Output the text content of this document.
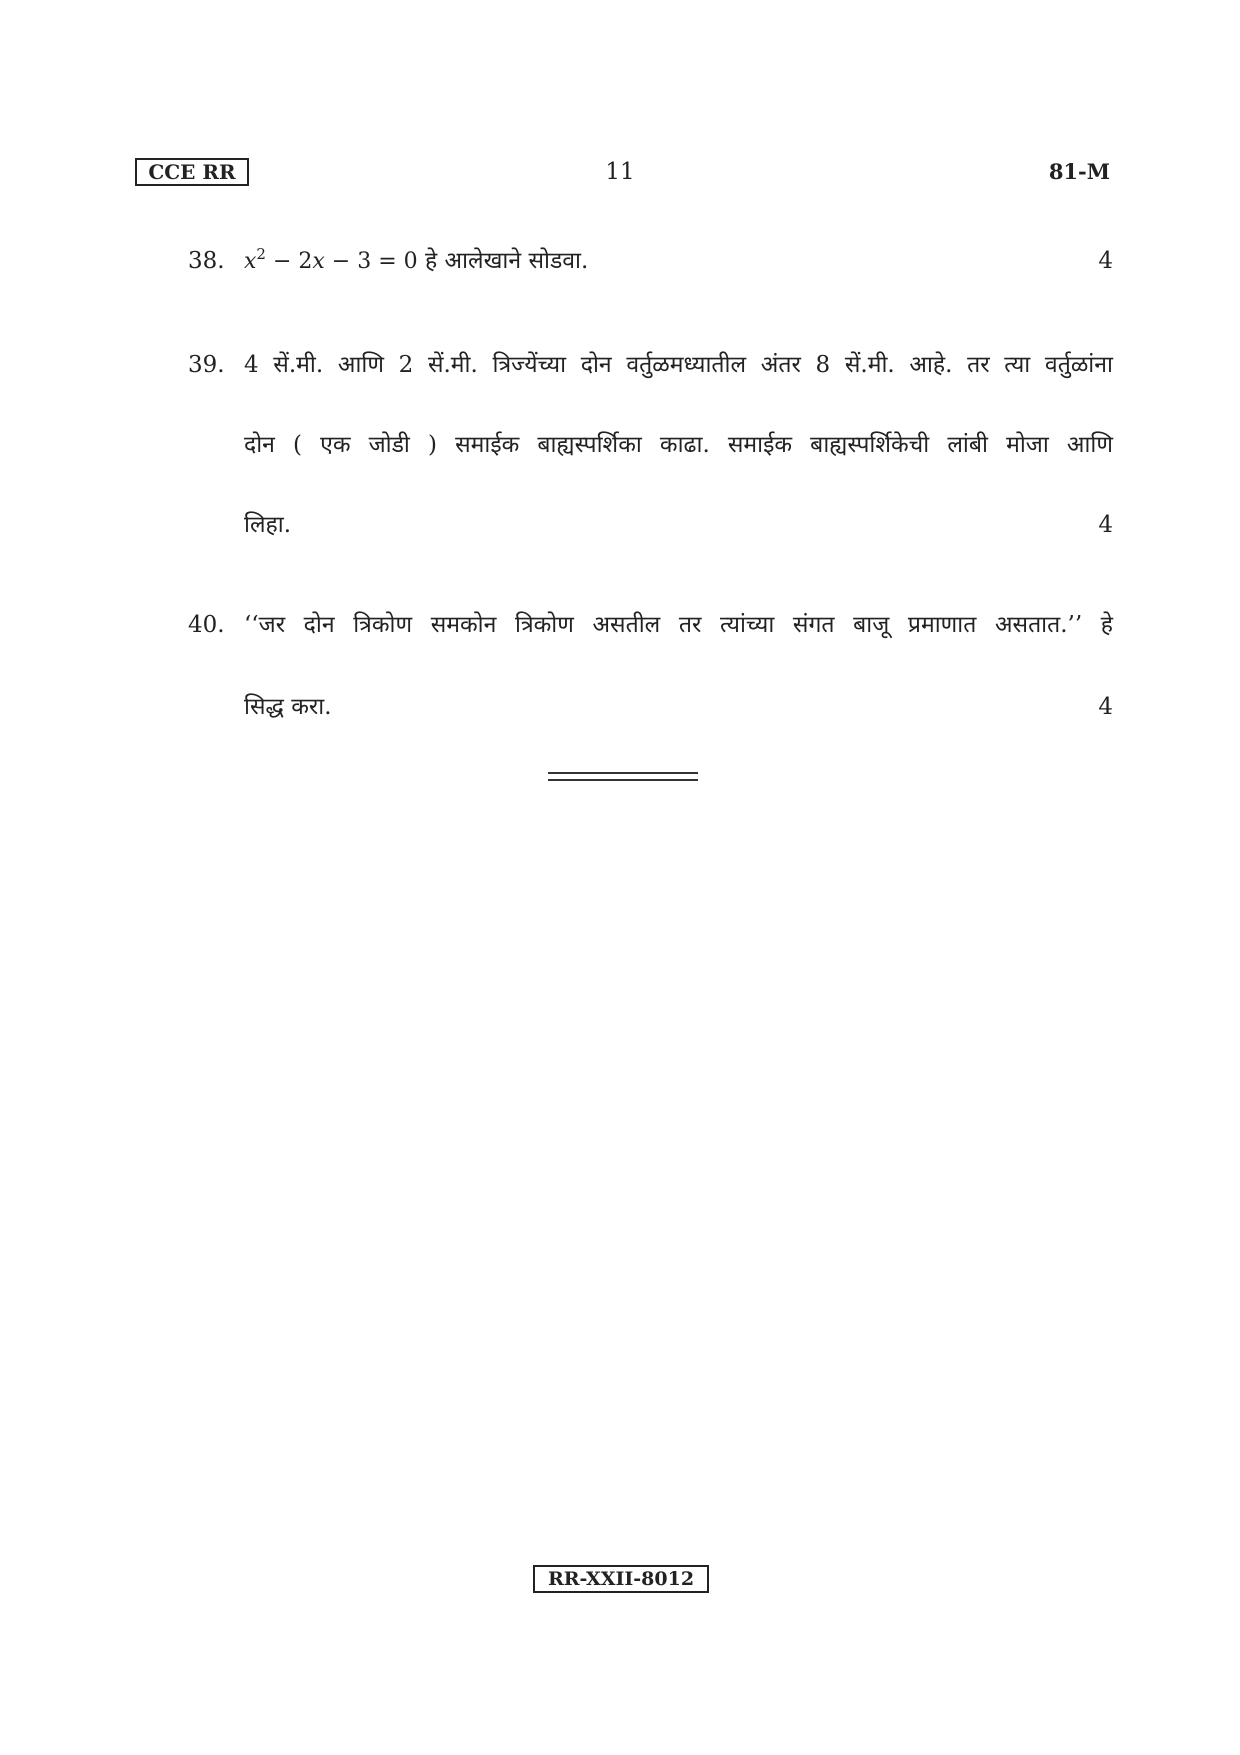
CCE RR	11	81-M
38. $x^2 - 2x - 3 = 0$ हे आलेखाने सोडवा.	4
39. 4 सें.मी. आणि 2 सें.मी. त्रिज्येंच्या दोन वर्तुळमध्यातील अंतर 8 सें.मी. आहे. तर त्या वर्तुळांना
दोन ( एक जोडी ) समाईक बाह्यस्पर्शिका काढा. समाईक बाह्यस्पर्शिकेची लांबी मोजा आणि
लिहा.	4
40. ‘‘जर दोन त्रिकोण समकोन त्रिकोण असतील तर त्यांच्या संगत बाजू प्रमाणात असतात.’’ हे
सिद्ध करा.	4
RR-XXII-8012
